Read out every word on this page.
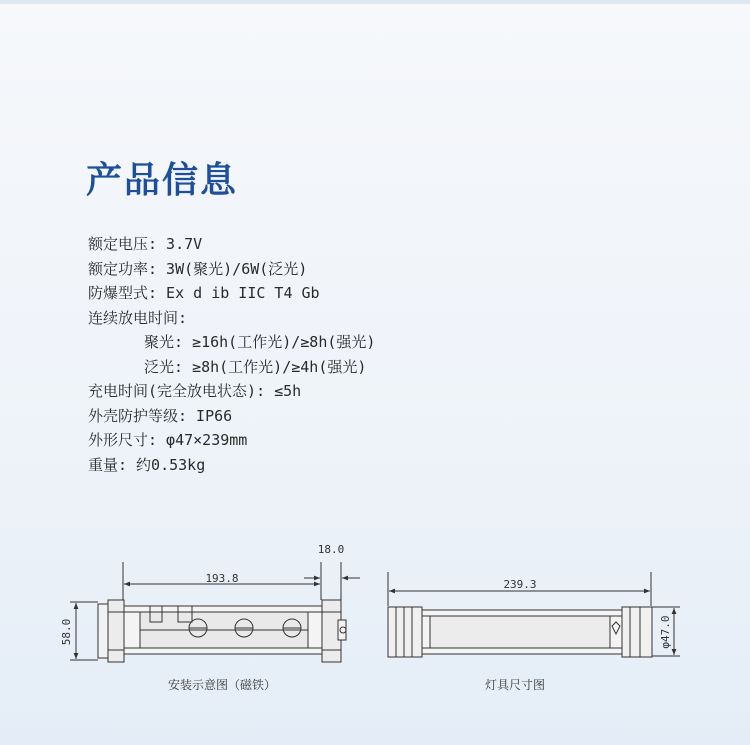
产品信息
额定电压: 3.7V
额定功率: 3W(聚光)/6W(泛光)
防爆型式: Ex d ib IIC T4 Gb
连续放电时间:
聚光: ≥16h(工作光)/≥8h(强光)
泛光: ≥8h(工作光)/≥4h(强光)
充电时间(完全放电状态): ≤5h
外壳防护等级: IP66
外形尺寸: φ47×239mm
重量: 约0.53kg
18.0
193.8
58.0
239.3
φ47.0
安装示意图（磁铁）	灯具尺寸图
